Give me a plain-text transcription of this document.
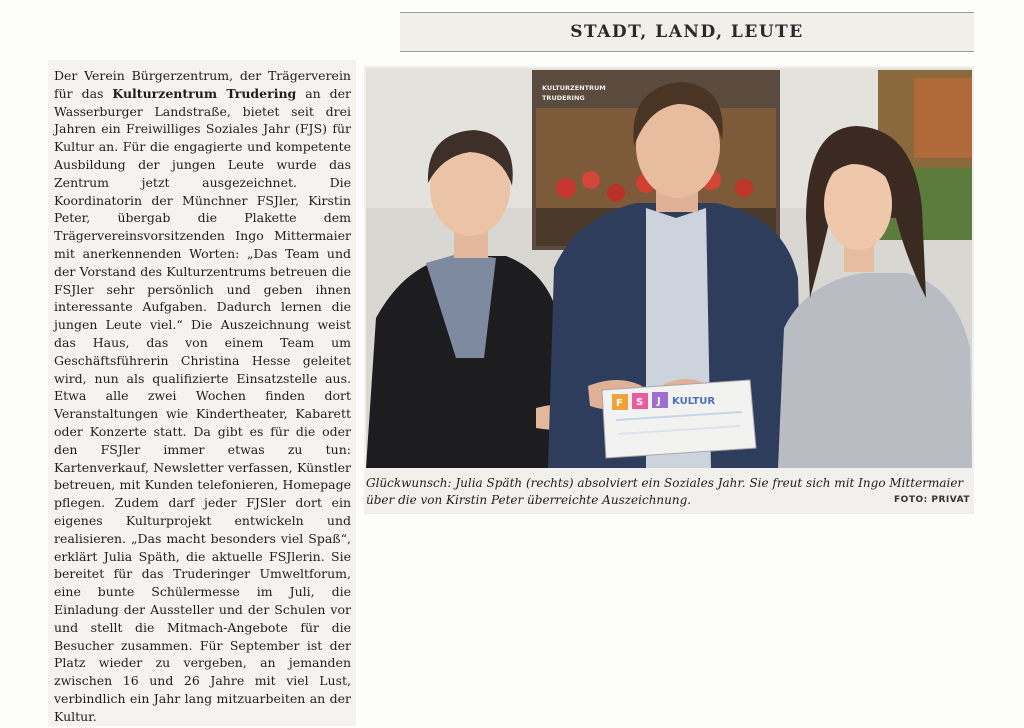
STADT, LAND, LEUTE

Der Verein Bürgerzentrum, der Trägerverein für das Kulturzentrum Trudering an der Wasserburger Landstraße, bietet seit drei Jahren ein Freiwilliges Soziales Jahr (FJS) für Kultur an. Für die engagierte und kompetente Ausbildung der jungen Leute wurde das Zentrum jetzt ausgezeichnet. Die Koordinatorin der Münchner FSJler, Kirstin Peter, übergab die Plakette dem Trägervereinsvorsitzenden Ingo Mittermaier mit anerkennenden Worten: „Das Team und der Vorstand des Kulturzentrums betreuen die FSJler sehr persönlich und geben ihnen interessante Aufgaben. Dadurch lernen die jungen Leute viel.“ Die Auszeichnung weist das Haus, das von einem Team um Geschäftsführerin Christina Hesse geleitet wird, nun als qualifizierte Einsatzstelle aus. Etwa alle zwei Wochen finden dort Veranstaltungen wie Kindertheater, Kabarett oder Konzerte statt. Da gibt es für die oder den FSJler immer etwas zu tun: Kartenverkauf, Newsletter verfassen, Künstler betreuen, mit Kunden telefonieren, Homepage pflegen. Zudem darf jeder FJSler dort ein eigenes Kulturprojekt entwickeln und realisieren. „Das macht besonders viel Spaß“, erklärt Julia Späth, die aktuelle FSJlerin. Sie bereitet für das Truderinger Umweltforum, eine bunte Schülermesse im Juli, die Einladung der Aussteller und der Schulen vor und stellt die Mitmach-Angebote für die Besucher zusammen. Für September ist der Platz wieder zu vergeben, an jemanden zwischen 16 und 26 Jahre mit viel Lust, verbindlich ein Jahr lang mitzuarbeiten an der Kultur.

KULTURZENTRUM
TRUDERING
F S J KULTUR
Glückwunsch: Julia Späth (rechts) absolviert ein Soziales Jahr. Sie freut sich mit Ingo Mittermaier über die von Kirstin Peter überreichte Auszeichnung.	FOTO: PRIVAT
